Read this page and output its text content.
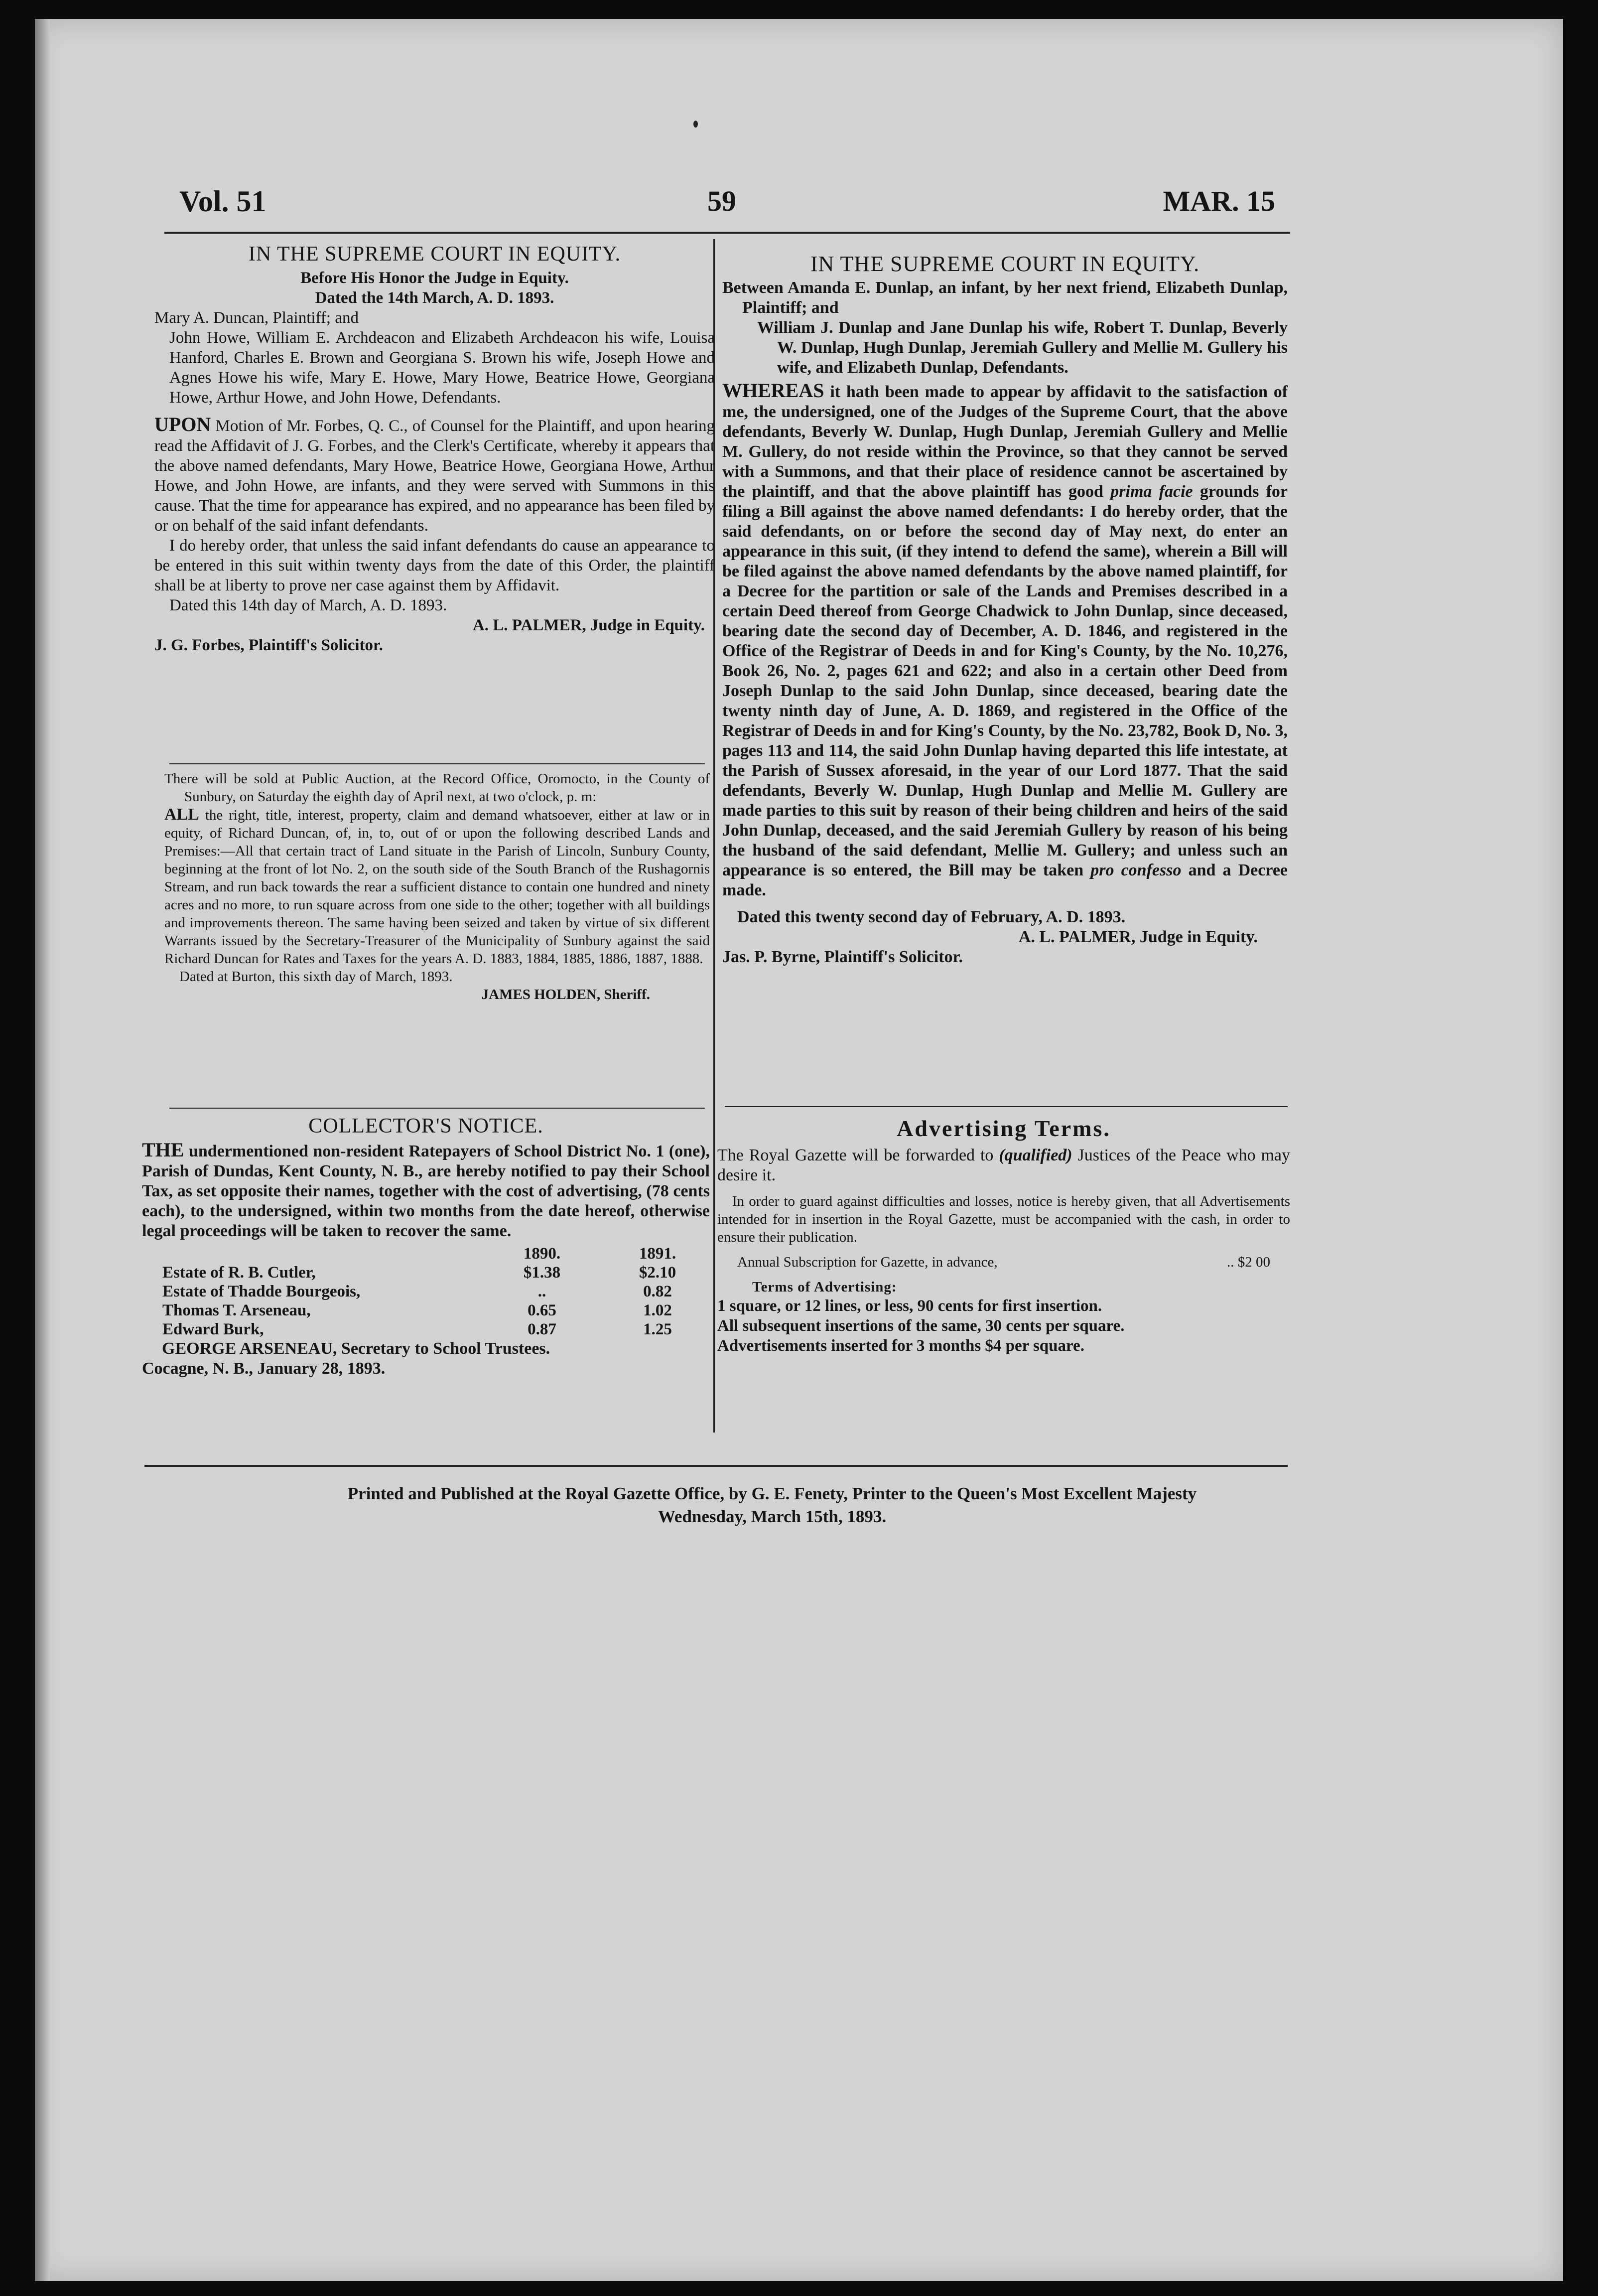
Vol. 51	59	MAR. 15

IN THE SUPREME COURT IN EQUITY.

Before His Honor the Judge in Equity.

Dated the 14th March, A. D. 1893.

Mary A. Duncan, Plaintiff; and

John Howe, William E. Archdeacon and Elizabeth Archdeacon his wife, Louisa Hanford, Charles E. Brown and Georgiana S. Brown his wife, Joseph Howe and Agnes Howe his wife, Mary E. Howe, Mary Howe, Beatrice Howe, Georgiana Howe, Arthur Howe, and John Howe, Defendants.

UPON Motion of Mr. Forbes, Q. C., of Counsel for the Plaintiff, and upon hearing read the Affidavit of J. G. Forbes, and the Clerk's Certificate, whereby it appears that the above named defendants, Mary Howe, Beatrice Howe, Georgiana Howe, Arthur Howe, and John Howe, are infants, and they were served with Summons in this cause. That the time for appearance has expired, and no appearance has been filed by or on behalf of the said infant defendants.

I do hereby order, that unless the said infant defendants do cause an appearance to be entered in this suit within twenty days from the date of this Order, the plaintiff shall be at liberty to prove ner case against them by Affidavit.

Dated this 14th day of March, A. D. 1893.

A. L. PALMER, Judge in Equity.

J. G. Forbes, Plaintiff's Solicitor.

There will be sold at Public Auction, at the Record Office, Oromocto, in the County of Sunbury, on Saturday the eighth day of April next, at two o'clock, p. m:

ALL the right, title, interest, property, claim and demand whatsoever, either at law or in equity, of Richard Duncan, of, in, to, out of or upon the following described Lands and Premises:—All that certain tract of Land situate in the Parish of Lincoln, Sunbury County, beginning at the front of lot No. 2, on the south side of the South Branch of the Rushagornis Stream, and run back towards the rear a sufficient distance to contain one hundred and ninety acres and no more, to run square across from one side to the other; together with all buildings and improvements thereon. The same having been seized and taken by virtue of six different Warrants issued by the Secretary-Treasurer of the Municipality of Sunbury against the said Richard Duncan for Rates and Taxes for the years A. D. 1883, 1884, 1885, 1886, 1887, 1888.

Dated at Burton, this sixth day of March, 1893.

JAMES HOLDEN, Sheriff.

COLLECTOR'S NOTICE.

THE undermentioned non-resident Ratepayers of School District No. 1 (one), Parish of Dundas, Kent County, N. B., are hereby notified to pay their School Tax, as set opposite their names, together with the cost of advertising, (78 cents each), to the undersigned, within two months from the date hereof, otherwise legal proceedings will be taken to recover the same.

	1890.	1891.
Estate of R. B. Cutler,	$1.38	$2.10
Estate of Thadde Bourgeois,	..	0.82
Thomas T. Arseneau,	0.65	1.02
Edward Burk,	0.87	1.25

GEORGE ARSENEAU, Secretary to School Trustees.

Cocagne, N. B., January 28, 1893.

IN THE SUPREME COURT IN EQUITY.

Between Amanda E. Dunlap, an infant, by her next friend, Elizabeth Dunlap, Plaintiff; and

William J. Dunlap and Jane Dunlap his wife, Robert T. Dunlap, Beverly W. Dunlap, Hugh Dunlap, Jeremiah Gullery and Mellie M. Gullery his wife, and Elizabeth Dunlap, Defendants.

WHEREAS it hath been made to appear by affidavit to the satisfaction of me, the undersigned, one of the Judges of the Supreme Court, that the above defendants, Beverly W. Dunlap, Hugh Dunlap, Jeremiah Gullery and Mellie M. Gullery, do not reside within the Province, so that they cannot be served with a Summons, and that their place of residence cannot be ascertained by the plaintiff, and that the above plaintiff has good prima facie grounds for filing a Bill against the above named defendants: I do hereby order, that the said defendants, on or before the second day of May next, do enter an appearance in this suit, (if they intend to defend the same), wherein a Bill will be filed against the above named defendants by the above named plaintiff, for a Decree for the partition or sale of the Lands and Premises described in a certain Deed thereof from George Chadwick to John Dunlap, since deceased, bearing date the second day of December, A. D. 1846, and registered in the Office of the Registrar of Deeds in and for King's County, by the No. 10,276, Book 26, No. 2, pages 621 and 622; and also in a certain other Deed from Joseph Dunlap to the said John Dunlap, since deceased, bearing date the twenty ninth day of June, A. D. 1869, and registered in the Office of the Registrar of Deeds in and for King's County, by the No. 23,782, Book D, No. 3, pages 113 and 114, the said John Dunlap having departed this life intestate, at the Parish of Sussex aforesaid, in the year of our Lord 1877. That the said defendants, Beverly W. Dunlap, Hugh Dunlap and Mellie M. Gullery are made parties to this suit by reason of their being children and heirs of the said John Dunlap, deceased, and the said Jeremiah Gullery by reason of his being the husband of the said defendant, Mellie M. Gullery; and unless such an appearance is so entered, the Bill may be taken pro confesso and a Decree made.

Dated this twenty second day of February, A. D. 1893.

A. L. PALMER, Judge in Equity.

Jas. P. Byrne, Plaintiff's Solicitor.

Advertising Terms.

The Royal Gazette will be forwarded to (qualified) Justices of the Peace who may desire it.

In order to guard against difficulties and losses, notice is hereby given, that all Advertisements intended for in insertion in the Royal Gazette, must be accompanied with the cash, in order to ensure their publication.

Annual Subscription for Gazette, in advance,	.. $2 00

Terms of Advertising:

1 square, or 12 lines, or less, 90 cents for first insertion.

All subsequent insertions of the same, 30 cents per square.

Advertisements inserted for 3 months $4 per square.

Printed and Published at the Royal Gazette Office, by G. E. Fenety, Printer to the Queen's Most Excellent Majesty
Wednesday, March 15th, 1893.
